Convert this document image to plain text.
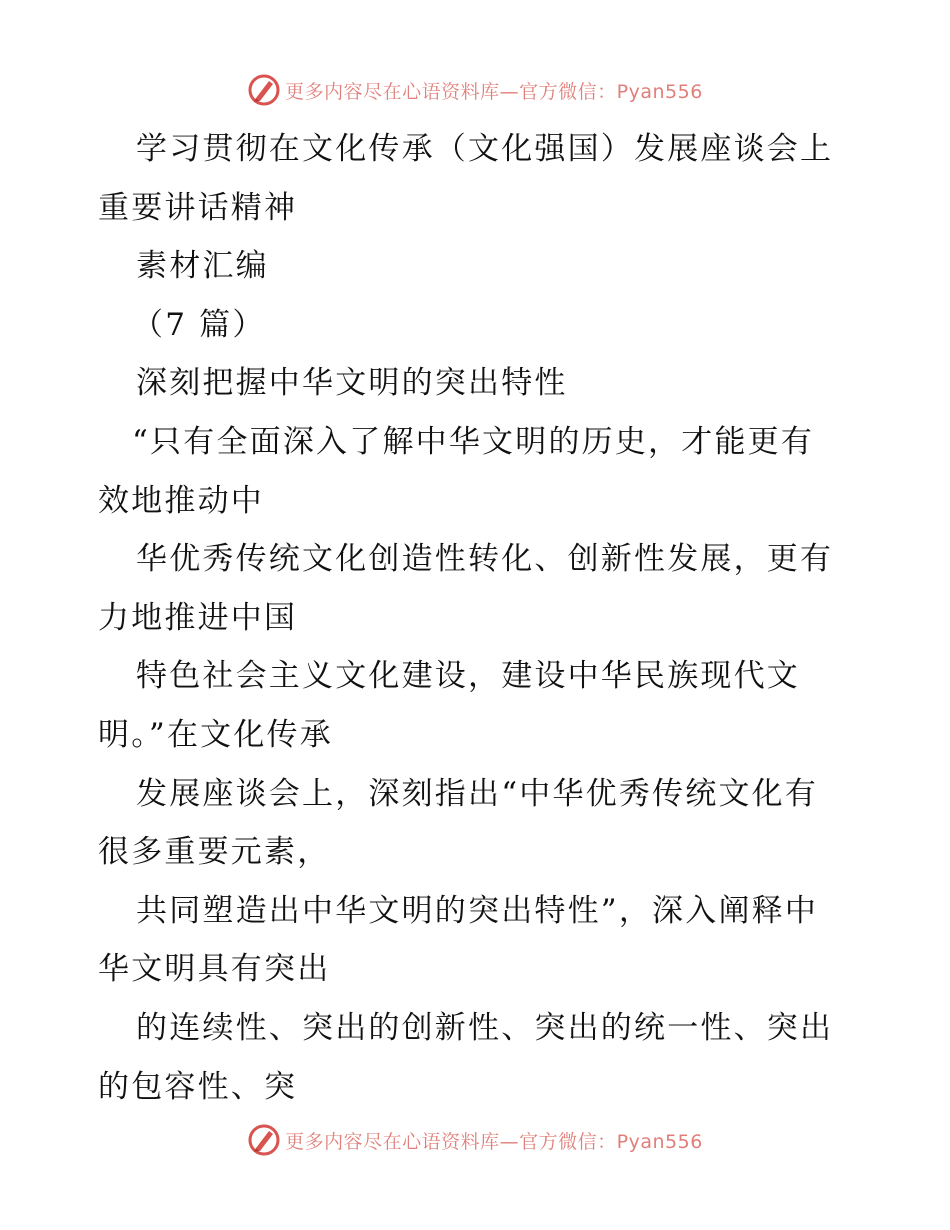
更多内容尽在心语资料库—官方微信：Pyan556
学习贯彻在文化传承（文化强国）发展座谈会上
重要讲话精神
素材汇编
（7 篇）
深刻把握中华文明的突出特性
“只有全面深入了解中华文明的历史，才能更有
效地推动中
华优秀传统文化创造性转化、创新性发展，更有
力地推进中国
特色社会主义文化建设，建设中华民族现代文
明。”在文化传承
发展座谈会上，深刻指出“中华优秀传统文化有
很多重要元素，
共同塑造出中华文明的突出特性”，深入阐释中
华文明具有突出
的连续性、突出的创新性、突出的统一性、突出
的包容性、突
更多内容尽在心语资料库—官方微信：Pyan556
